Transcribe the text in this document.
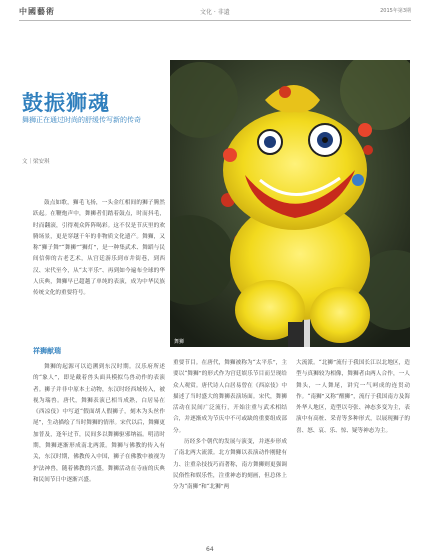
中國藝術	文化 · 非遺	2015年第3期
鼓振狮魂
舞狮正在通过时尚的舒缓传写新的传奇
文｜梁安琪
舞狮
鼓点如歌，狮毛飞扬，一头金红相间的狮子腾然跃起。在鞭炮声中，舞狮者们踏着鼓点，时而抖毛，时而翻滚，引得观众阵阵喝彩。这不仅是节庆里的欢腾场景，更是穿越千年的非物质文化遗产。舞狮，又称“狮子舞”“舞狮”“狮灯”，是一种集武术、舞蹈与民间信仰的古老艺术，从宫廷游乐到市井街巷，到西汉、宋代至今，从“太平乐”、再到如今遍布全球的华人庆典，舞狮早已超越了单纯的表演，成为中华民族传统文化的重要符号。
祥狮献瑞
舞狮的起源可以追溯到东汉时期。汉乐府所述的“象人”，即是戴着兽头面具模拟鸟兽动作的表演者。狮子并非中原本土动物，东汉时经西域传入，被视为瑞兽。唐代，舞狮表演已相当成熟，白居易在《西凉伎》中写道“假面胡人假狮子，刻木为头丝作尾”，生动描绘了当时舞狮的情形。宋代以后，舞狮更加普及，逢年过节，民间多以舞狮驱邪纳福。明清时期，舞狮逐渐形成南北两派。舞狮与佛教的传入有关，东汉时期，佛教传入中国，狮子在佛教中被视为护法神兽，随着佛教的兴盛，舞狮活动在寺庙的庆典和民间节日中逐渐兴盛。

重要节目。在唐代，舞狮被称为“太平乐”，主要以“舞狮”的形式作为宫廷娱乐节目而呈现给众人观赏。唐代诗人白居易曾在《西凉伎》中描述了当时盛大的舞狮表演场面。宋代，舞狮活动在民间广泛流行，开始注重与武术相结合，并逐渐成为节庆中不可或缺的重要组成部分。

历经多个朝代的发展与演变，并逐步形成了南北两大流派。北方舞狮以表演动作刚健有力、注重杂技技巧而著称，南方舞狮则更强调民俗性和娱乐性，注重神态的刻画，但总体上分为“南狮”和“北狮”两

大流派。“北狮”流行于我国长江以北地区，造型与真狮较为相像，舞狮者由两人合作，一人舞头，一人舞尾，讲究一气呵成的连贯动作。“南狮”又称“醒狮”，流行于我国南方及海外华人地区，造型以夸张、神态多变为主，表演中有高桩、采青等多种形式，以展现狮子的喜、怒、哀、乐、惊、疑等神态为主。
64
